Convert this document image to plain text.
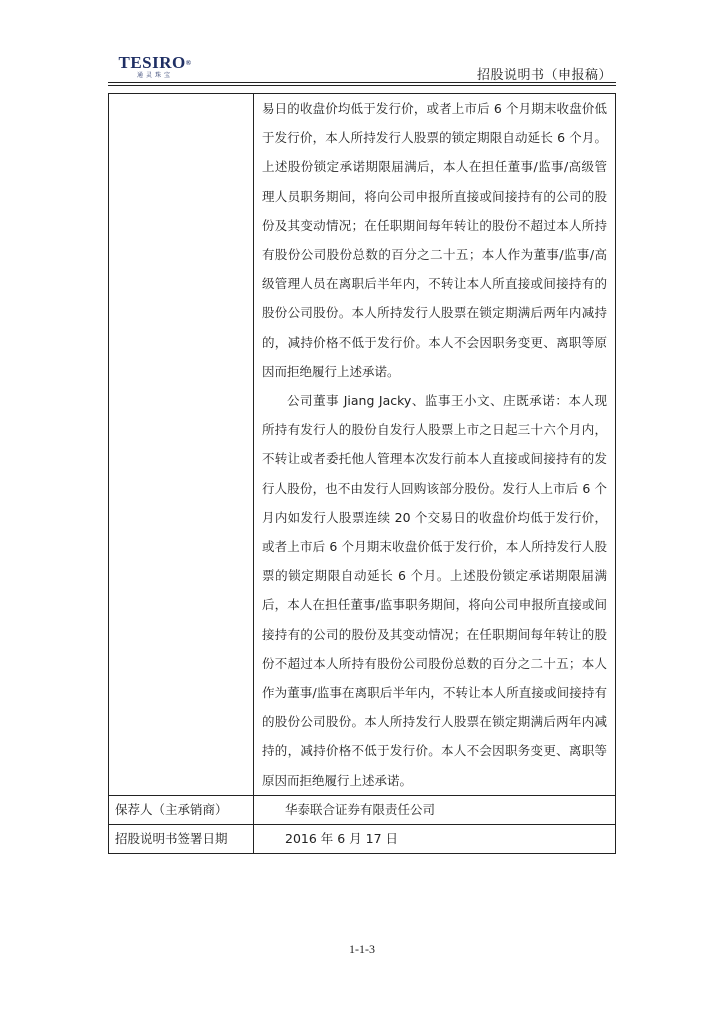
TESIRO®
通灵珠宝	招股说明书（申报稿）

	易日的收盘价均低于发行价，或者上市后 6 个月期末收盘价低于发行价，本人所持发行人股票的锁定期限自动延长 6 个月。上述股份锁定承诺期限届满后，本人在担任董事/监事/高级管理人员职务期间，将向公司申报所直接或间接持有的公司的股份及其变动情况；在任职期间每年转让的股份不超过本人所持有股份公司股份总数的百分之二十五；本人作为董事/监事/高级管理人员在离职后半年内，不转让本人所直接或间接持有的股份公司股份。本人所持发行人股票在锁定期满后两年内减持的，减持价格不低于发行价。本人不会因职务变更、离职等原因而拒绝履行上述承诺。

公司董事 Jiang Jacky、监事王小文、庄既承诺：本人现所持有发行人的股份自发行人股票上市之日起三十六个月内，不转让或者委托他人管理本次发行前本人直接或间接持有的发行人股份，也不由发行人回购该部分股份。发行人上市后 6 个月内如发行人股票连续 20 个交易日的收盘价均低于发行价，或者上市后 6 个月期末收盘价低于发行价，本人所持发行人股票的锁定期限自动延长 6 个月。上述股份锁定承诺期限届满后，本人在担任董事/监事职务期间，将向公司申报所直接或间接持有的公司的股份及其变动情况；在任职期间每年转让的股份不超过本人所持有股份公司股份总数的百分之二十五；本人作为董事/监事在离职后半年内，不转让本人所直接或间接持有的股份公司股份。本人所持发行人股票在锁定期满后两年内减持的，减持价格不低于发行价。本人不会因职务变更、离职等原因而拒绝履行上述承诺。

保荐人（主承销商）	华泰联合证券有限责任公司

招股说明书签署日期	2016 年 6 月 17 日
1-1-3
